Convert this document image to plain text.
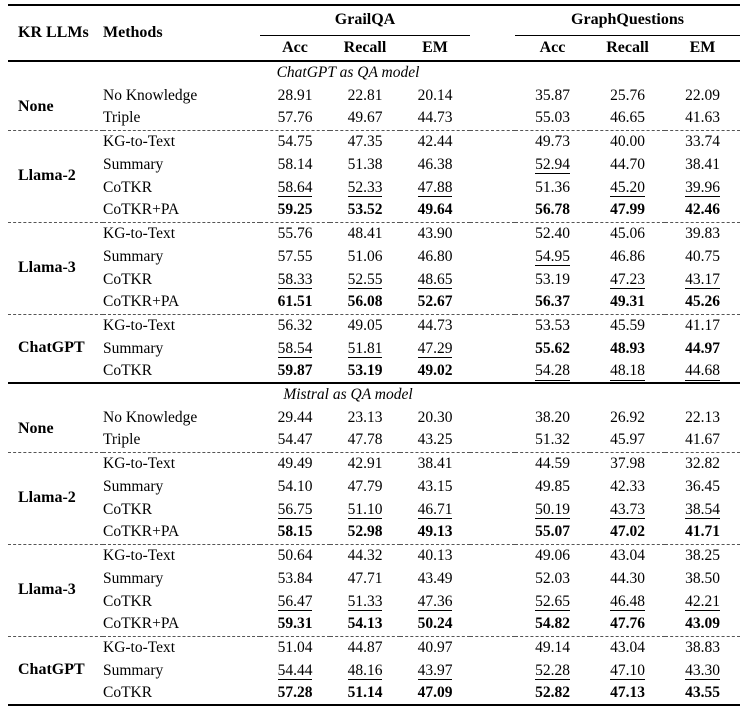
KR LLMs	Methods	GrailQA				GraphQuestions		
		Acc	Recall	EM		Acc	Recall	EM
ChatGPT as QA model								
None	No Knowledge	28.91	22.81	20.14		35.87	25.76	22.09
	Triple	57.76	49.67	44.73		55.03	46.65	41.63
Llama-2	KG-to-Text	54.75	47.35	42.44		49.73	40.00	33.74
	Summary	58.14	51.38	46.38		52.94	44.70	38.41
	CoTKR	58.64	52.33	47.88		51.36	45.20	39.96
	CoTKR+PA	59.25	53.52	49.64		56.78	47.99	42.46
Llama-3	KG-to-Text	55.76	48.41	43.90		52.40	45.06	39.83
	Summary	57.55	51.06	46.80		54.95	46.86	40.75
	CoTKR	58.33	52.55	48.65		53.19	47.23	43.17
	CoTKR+PA	61.51	56.08	52.67		56.37	49.31	45.26
ChatGPT	KG-to-Text	56.32	49.05	44.73		53.53	45.59	41.17
	Summary	58.54	51.81	47.29		55.62	48.93	44.97
	CoTKR	59.87	53.19	49.02		54.28	48.18	44.68
Mistral as QA model								
None	No Knowledge	29.44	23.13	20.30		38.20	26.92	22.13
	Triple	54.47	47.78	43.25		51.32	45.97	41.67
Llama-2	KG-to-Text	49.49	42.91	38.41		44.59	37.98	32.82
	Summary	54.10	47.79	43.15		49.85	42.33	36.45
	CoTKR	56.75	51.10	46.71		50.19	43.73	38.54
	CoTKR+PA	58.15	52.98	49.13		55.07	47.02	41.71
Llama-3	KG-to-Text	50.64	44.32	40.13		49.06	43.04	38.25
	Summary	53.84	47.71	43.49		52.03	44.30	38.50
	CoTKR	56.47	51.33	47.36		52.65	46.48	42.21
	CoTKR+PA	59.31	54.13	50.24		54.82	47.76	43.09
ChatGPT	KG-to-Text	51.04	44.87	40.97		49.14	43.04	38.83
	Summary	54.44	48.16	43.97		52.28	47.10	43.30
	CoTKR	57.28	51.14	47.09		52.82	47.13	43.55
